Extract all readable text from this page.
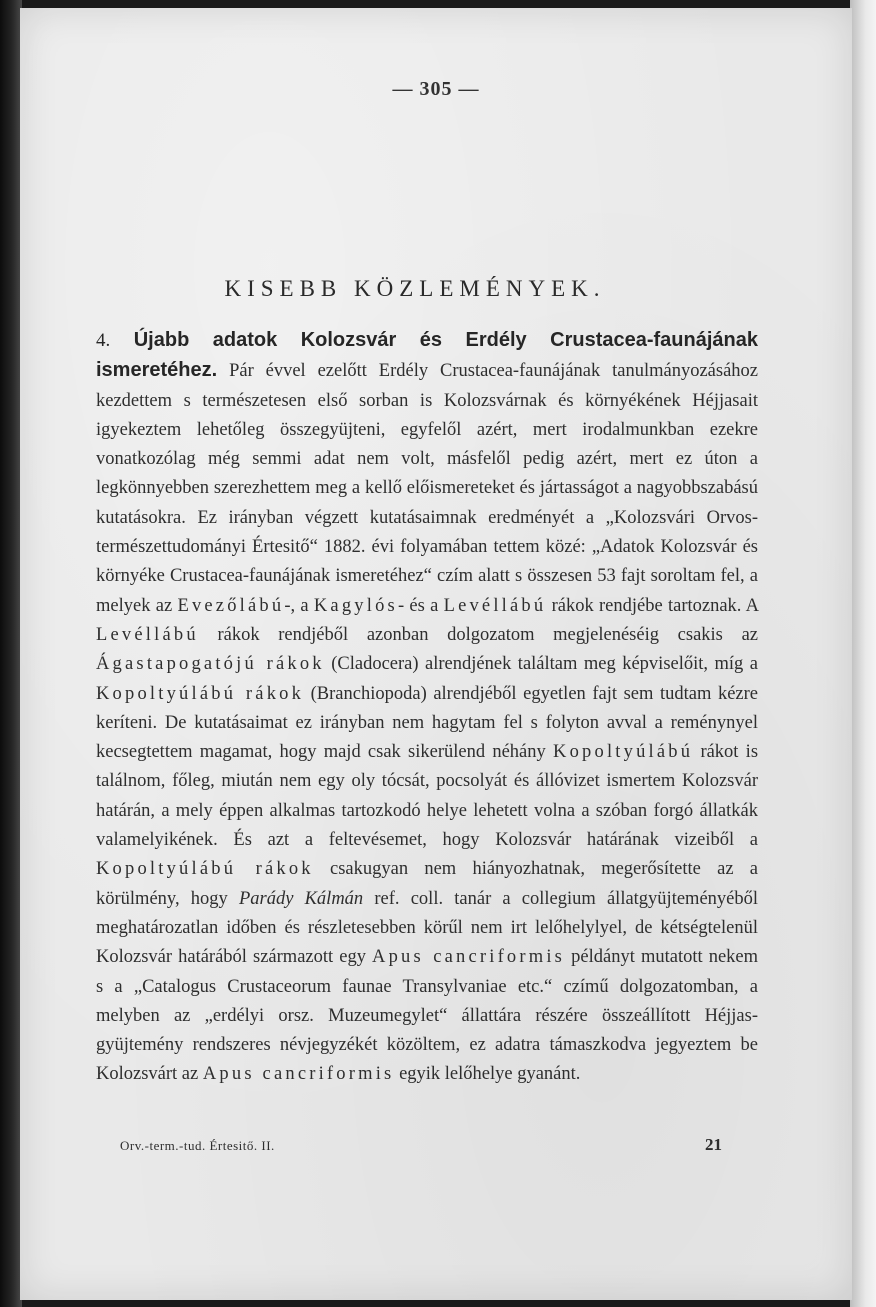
— 305 —
KISEBB KÖZLEMÉNYEK.
4. Újabb adatok Kolozsvár és Erdély Crustacea-faunájának ismeretéhez. Pár évvel ezelőtt Erdély Crustacea-faunájának tanulmányozásához kezdettem s természetesen első sorban is Kolozsvárnak és környékének Héjjasait igyekeztem lehetőleg összegyüjteni, egyfelől azért, mert irodalmunkban ezekre vonatkozólag még semmi adat nem volt, másfelől pedig azért, mert ez úton a legkönnyebben szerezhettem meg a kellő előismereteket és jártasságot a nagyobbszabású kutatásokra. Ez irányban végzett kutatásaimnak eredményét a „Kolozsvári Orvos-természettudományi Értesitő“ 1882. évi folyamában tettem közé: „Adatok Kolozsvár és környéke Crustacea-faunájának ismeretéhez“ czím alatt s összesen 53 fajt soroltam fel, a melyek az Evezőlábú-, a Kagylós- és a Levéllábú rákok rendjébe tartoznak. A Levéllábú rákok rendjéből azonban dolgozatom megjelenéséig csakis az Ágastapogatójú rákok (Cladocera) alrendjének találtam meg képviselőit, míg a Kopoltyúlábú rákok (Branchiopoda) alrendjéből egyetlen fajt sem tudtam kézre keríteni. De kutatásaimat ez irányban nem hagytam fel s folyton avval a reménynyel kecsegtettem magamat, hogy majd csak sikerülend néhány Kopoltyúlábú rákot is találnom, főleg, miután nem egy oly tócsát, pocsolyát és állóvizet ismertem Kolozsvár határán, a mely éppen alkalmas tartozkodó helye lehetett volna a szóban forgó állatkák valamelyikének. És azt a feltevésemet, hogy Kolozsvár határának vizeiből a Kopoltyúlábú rákok csakugyan nem hiányozhatnak, megerősítette az a körülmény, hogy Parády Kálmán ref. coll. tanár a collegium állatgyüjteményéből meghatározatlan időben és részletesebben körűl nem irt lelőhelylyel, de kétségtelenül Kolozsvár határából származott egy Apus cancriformis példányt mutatott nekem s a „Catalogus Crustaceorum faunae Transylvaniae etc.“ czímű dolgozatomban, a melyben az „erdélyi orsz. Muzeumegylet“ állattára részére összeállított Héjjas-gyüjtemény rendszeres névjegyzékét közöltem, ez adatra támaszkodva jegyeztem be Kolozsvárt az Apus cancriformis egyik lelőhelye gyanánt.
Orv.-term.-tud. Értesitő. II.	21
